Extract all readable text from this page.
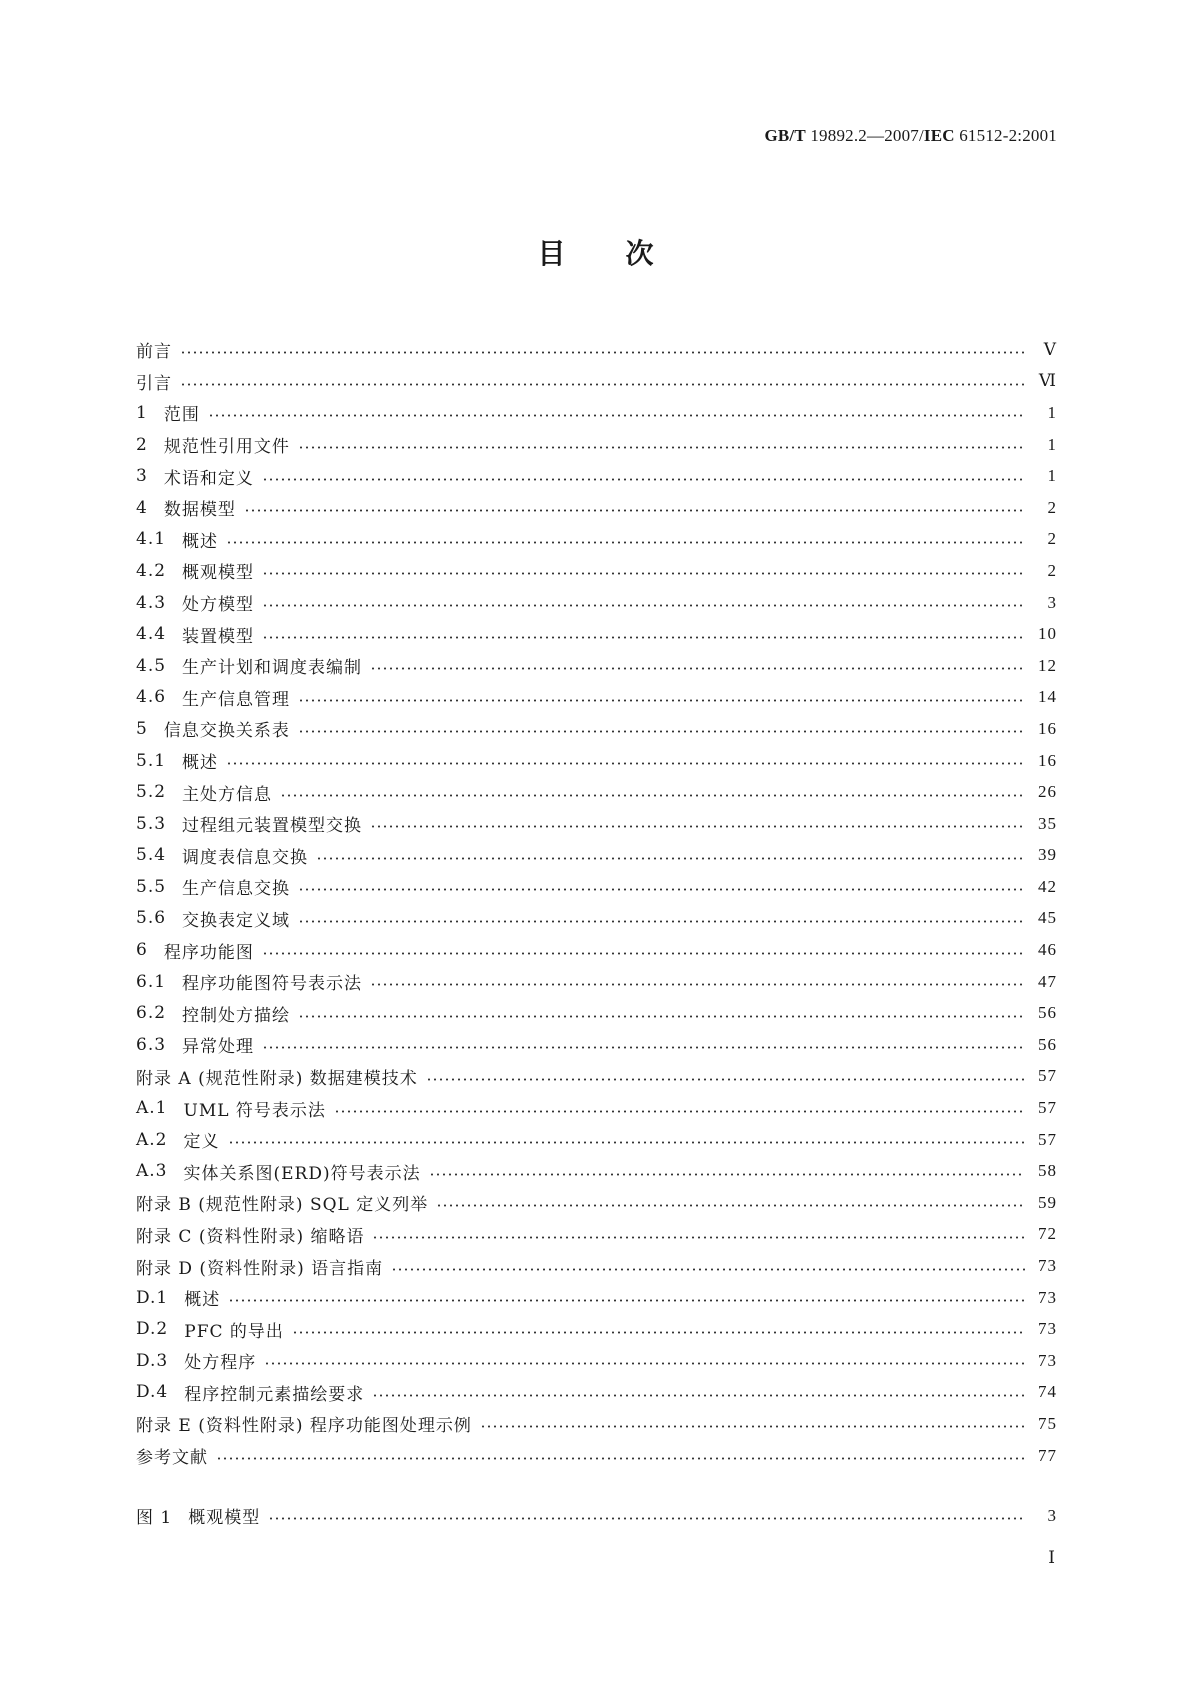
GB/T 19892.2—2007/IEC 61512-2:2001
目次
前言	Ⅴ
引言	Ⅵ
1 范围	1
2 规范性引用文件	1
3 术语和定义	1
4 数据模型	2
4.1 概述	2
4.2 概观模型	2
4.3 处方模型	3
4.4 装置模型	10
4.5 生产计划和调度表编制	12
4.6 生产信息管理	14
5 信息交换关系表	16
5.1 概述	16
5.2 主处方信息	26
5.3 过程组元装置模型交换	35
5.4 调度表信息交换	39
5.5 生产信息交换	42
5.6 交换表定义域	45
6 程序功能图	46
6.1 程序功能图符号表示法	47
6.2 控制处方描绘	56
6.3 异常处理	56
附录 A (规范性附录) 数据建模技术	57
A.1 UML 符号表示法	57
A.2 定义	57
A.3 实体关系图(ERD)符号表示法	58
附录 B (规范性附录) SQL 定义列举	59
附录 C (资料性附录) 缩略语	72
附录 D (资料性附录) 语言指南	73
D.1 概述	73
D.2 PFC 的导出	73
D.3 处方程序	73
D.4 程序控制元素描绘要求	74
附录 E (资料性附录) 程序功能图处理示例	75
参考文献	77
图 1 概观模型	3
Ⅰ
